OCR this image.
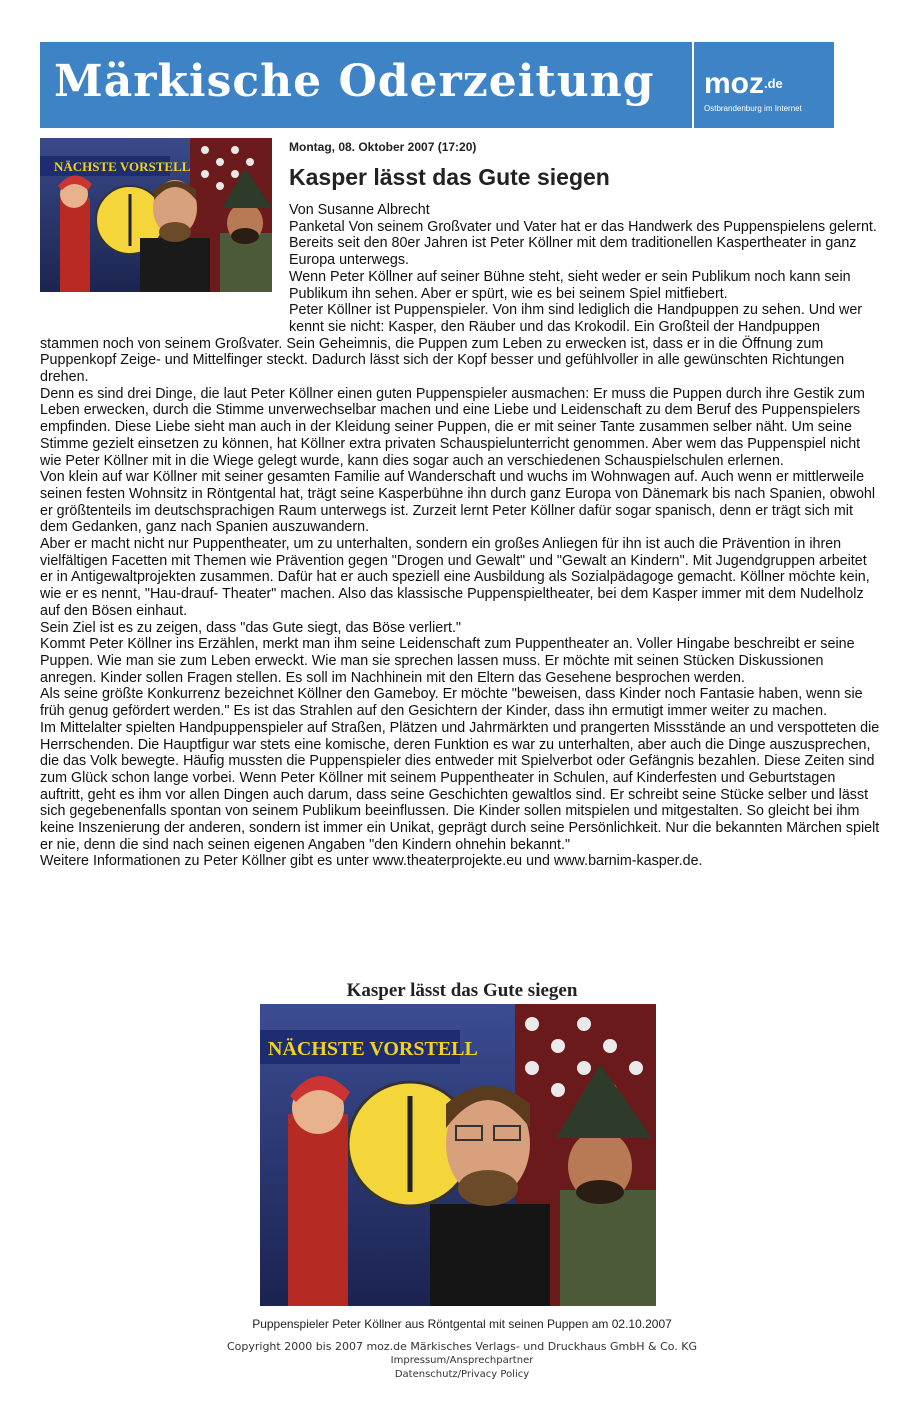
Märkische Oderzeitung moz$^{.de}$
Ostbrandenburg im Internet
NÄCHSTE VORSTELL
Montag, 08. Oktober 2007 (17:20)
Kasper lässt das Gute siegen

Von Susanne Albrecht

Panketal Von seinem Großvater und Vater hat er das Handwerk des Puppenspielens gelernt. Bereits seit den 80er Jahren ist Peter Köllner mit dem traditionellen Kaspertheater in ganz Europa unterwegs.

Wenn Peter Köllner auf seiner Bühne steht, sieht weder er sein Publikum noch kann sein Publikum ihn sehen. Aber er spürt, wie es bei seinem Spiel mitfiebert.

Peter Köllner ist Puppenspieler. Von ihm sind lediglich die Handpuppen zu sehen. Und wer kennt sie nicht: Kasper, den Räuber und das Krokodil. Ein Großteil der Handpuppen stammen noch von seinem Großvater. Sein Geheimnis, die Puppen zum Leben zu erwecken ist, dass er in die Öffnung zum Puppenkopf Zeige- und Mittelfinger steckt. Dadurch lässt sich der Kopf besser und gefühlvoller in alle gewünschten Richtungen drehen.

Denn es sind drei Dinge, die laut Peter Köllner einen guten Puppenspieler ausmachen: Er muss die Puppen durch ihre Gestik zum Leben erwecken, durch die Stimme unverwechselbar machen und eine Liebe und Leidenschaft zu dem Beruf des Puppenspielers empfinden. Diese Liebe sieht man auch in der Kleidung seiner Puppen, die er mit seiner Tante zusammen selber näht. Um seine Stimme gezielt einsetzen zu können, hat Köllner extra privaten Schauspielunterricht genommen. Aber wem das Puppenspiel nicht wie Peter Köllner mit in die Wiege gelegt wurde, kann dies sogar auch an verschiedenen Schauspielschulen erlernen.

Von klein auf war Köllner mit seiner gesamten Familie auf Wanderschaft und wuchs im Wohnwagen auf. Auch wenn er mittlerweile seinen festen Wohnsitz in Röntgental hat, trägt seine Kasperbühne ihn durch ganz Europa von Dänemark bis nach Spanien, obwohl er größtenteils im deutschsprachigen Raum unterwegs ist. Zurzeit lernt Peter Köllner dafür sogar spanisch, denn er trägt sich mit dem Gedanken, ganz nach Spanien auszuwandern.

Aber er macht nicht nur Puppentheater, um zu unterhalten, sondern ein großes Anliegen für ihn ist auch die Prävention in ihren vielfältigen Facetten mit Themen wie Prävention gegen "Drogen und Gewalt" und "Gewalt an Kindern". Mit Jugendgruppen arbeitet er in Antigewaltprojekten zusammen. Dafür hat er auch speziell eine Ausbildung als Sozialpädagoge gemacht. Köllner möchte kein, wie er es nennt, "Hau-drauf- Theater" machen. Also das klassische Puppenspieltheater, bei dem Kasper immer mit dem Nudelholz auf den Bösen einhaut.

Sein Ziel ist es zu zeigen, dass "das Gute siegt, das Böse verliert."

Kommt Peter Köllner ins Erzählen, merkt man ihm seine Leidenschaft zum Puppentheater an. Voller Hingabe beschreibt er seine Puppen. Wie man sie zum Leben erweckt. Wie man sie sprechen lassen muss. Er möchte mit seinen Stücken Diskussionen anregen. Kinder sollen Fragen stellen. Es soll im Nachhinein mit den Eltern das Gesehene besprochen werden.

Als seine größte Konkurrenz bezeichnet Köllner den Gameboy. Er möchte "beweisen, dass Kinder noch Fantasie haben, wenn sie früh genug gefördert werden." Es ist das Strahlen auf den Gesichtern der Kinder, dass ihn ermutigt immer weiter zu machen.

Im Mittelalter spielten Handpuppenspieler auf Straßen, Plätzen und Jahrmärkten und prangerten Missstände an und verspotteten die Herrschenden. Die Hauptfigur war stets eine komische, deren Funktion es war zu unterhalten, aber auch die Dinge auszusprechen, die das Volk bewegte. Häufig mussten die Puppenspieler dies entweder mit Spielverbot oder Gefängnis bezahlen. Diese Zeiten sind zum Glück schon lange vorbei. Wenn Peter Köllner mit seinem Puppentheater in Schulen, auf Kinderfesten und Geburtstagen auftritt, geht es ihm vor allen Dingen auch darum, dass seine Geschichten gewaltlos sind. Er schreibt seine Stücke selber und lässt sich gegebenenfalls spontan von seinem Publikum beeinflussen. Die Kinder sollen mitspielen und mitgestalten. So gleicht bei ihm keine Inszenierung der anderen, sondern ist immer ein Unikat, geprägt durch seine Persönlichkeit. Nur die bekannten Märchen spielt er nie, denn die sind nach seinen eigenen Angaben "den Kindern ohnehin bekannt."

Weitere Informationen zu Peter Köllner gibt es unter www.theaterprojekte.eu und www.barnim-kasper.de.

Kasper lässt das Gute siegen
NÄCHSTE VORSTELL
Puppenspieler Peter Köllner aus Röntgental mit seinen Puppen am 02.10.2007
Copyright 2000 bis 2007 moz.de Märkisches Verlags- und Druckhaus GmbH & Co. KG
Impressum/Ansprechpartner
Datenschutz/Privacy Policy
